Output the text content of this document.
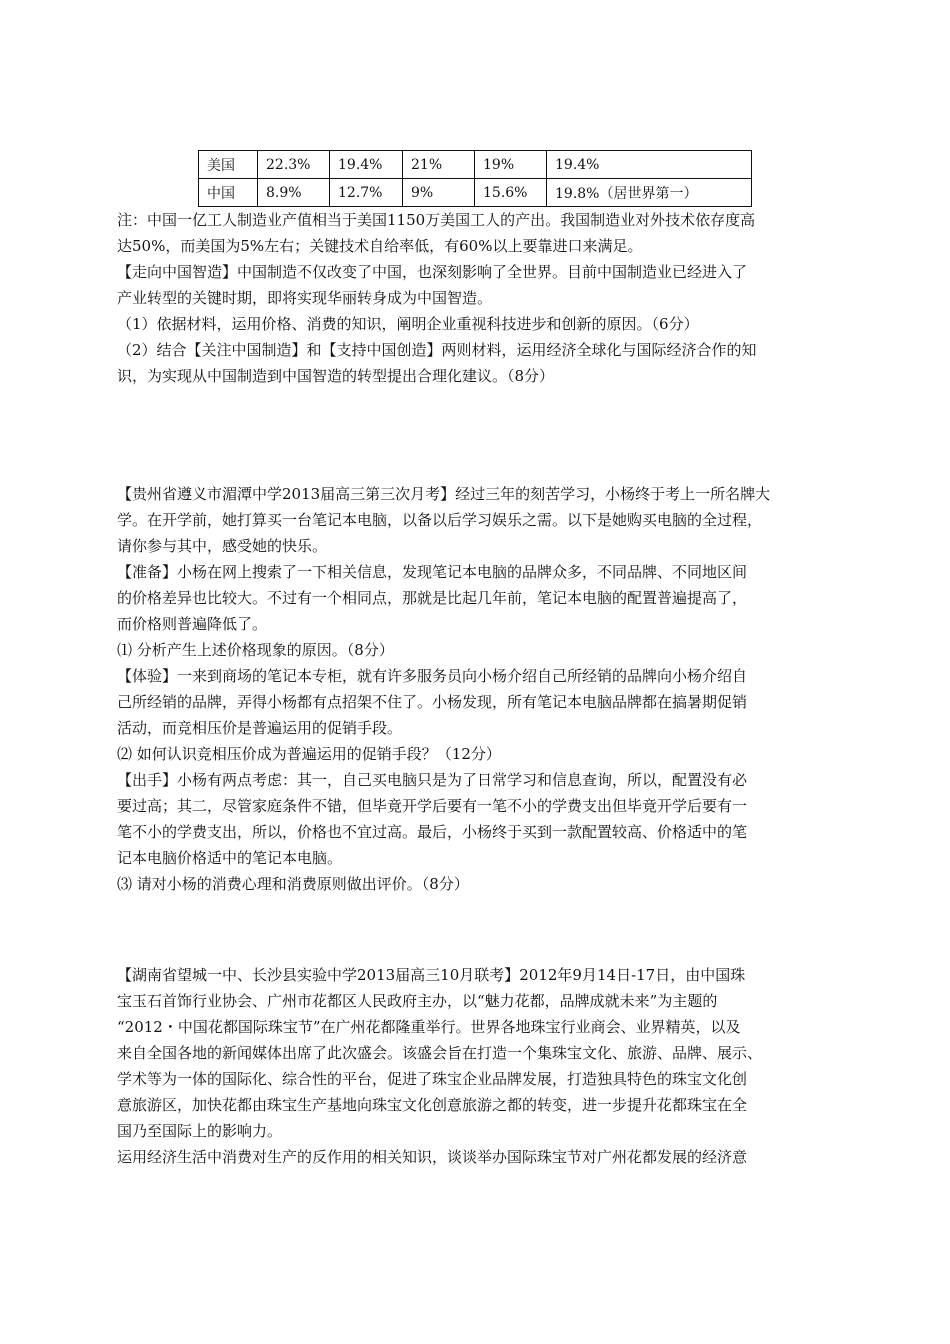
美国	22.3%	19.4%	21%	19%	19.4%
中国	8.9%	12.7%	9%	15.6%	19.8%（居世界第一）
注：中国一亿工人制造业产值相当于美国1150万美国工人的产出。我国制造业对外技术依存度高
达50%，而美国为5%左右；关键技术自给率低，有60%以上要靠进口来满足。
【走向中国智造】中国制造不仅改变了中国，也深刻影响了全世界。目前中国制造业已经进入了
产业转型的关键时期，即将实现华丽转身成为中国智造。
（1）依据材料，运用价格、消费的知识，阐明企业重视科技进步和创新的原因。（6分）
（2）结合【关注中国制造】和【支持中国创造】两则材料，运用经济全球化与国际经济合作的知
识，为实现从中国制造到中国智造的转型提出合理化建议。（8分）
【贵州省遵义市湄潭中学2013届高三第三次月考】经过三年的刻苦学习，小杨终于考上一所名牌大
学。在开学前，她打算买一台笔记本电脑，以备以后学习娱乐之需。以下是她购买电脑的全过程，
请你参与其中，感受她的快乐。
【准备】小杨在网上搜索了一下相关信息，发现笔记本电脑的品牌众多，不同品牌、不同地区间
的价格差异也比较大。不过有一个相同点，那就是比起几年前，笔记本电脑的配置普遍提高了，
而价格则普遍降低了。
⑴ 分析产生上述价格现象的原因。（8分）
【体验】一来到商场的笔记本专柜，就有许多服务员向小杨介绍自己所经销的品牌向小杨介绍自
己所经销的品牌，弄得小杨都有点招架不住了。小杨发现，所有笔记本电脑品牌都在搞暑期促销
活动，而竞相压价是普遍运用的促销手段。
⑵ 如何认识竞相压价成为普遍运用的促销手段？（12分）
【出手】小杨有两点考虑：其一，自己买电脑只是为了日常学习和信息查询，所以，配置没有必
要过高；其二，尽管家庭条件不错，但毕竟开学后要有一笔不小的学费支出但毕竟开学后要有一
笔不小的学费支出，所以，价格也不宜过高。最后，小杨终于买到一款配置较高、价格适中的笔
记本电脑价格适中的笔记本电脑。
⑶ 请对小杨的消费心理和消费原则做出评价。（8分）
【湖南省望城一中、长沙县实验中学2013届高三10月联考】2012年9月14日-17日，由中国珠
宝玉石首饰行业协会、广州市花都区人民政府主办，以“魅力花都，品牌成就未来”为主题的
“2012・中国花都国际珠宝节”在广州花都隆重举行。世界各地珠宝行业商会、业界精英，以及
来自全国各地的新闻媒体出席了此次盛会。该盛会旨在打造一个集珠宝文化、旅游、品牌、展示、
学术等为一体的国际化、综合性的平台，促进了珠宝企业品牌发展，打造独具特色的珠宝文化创
意旅游区，加快花都由珠宝生产基地向珠宝文化创意旅游之都的转变，进一步提升花都珠宝在全
国乃至国际上的影响力。
运用经济生活中消费对生产的反作用的相关知识，谈谈举办国际珠宝节对广州花都发展的经济意
